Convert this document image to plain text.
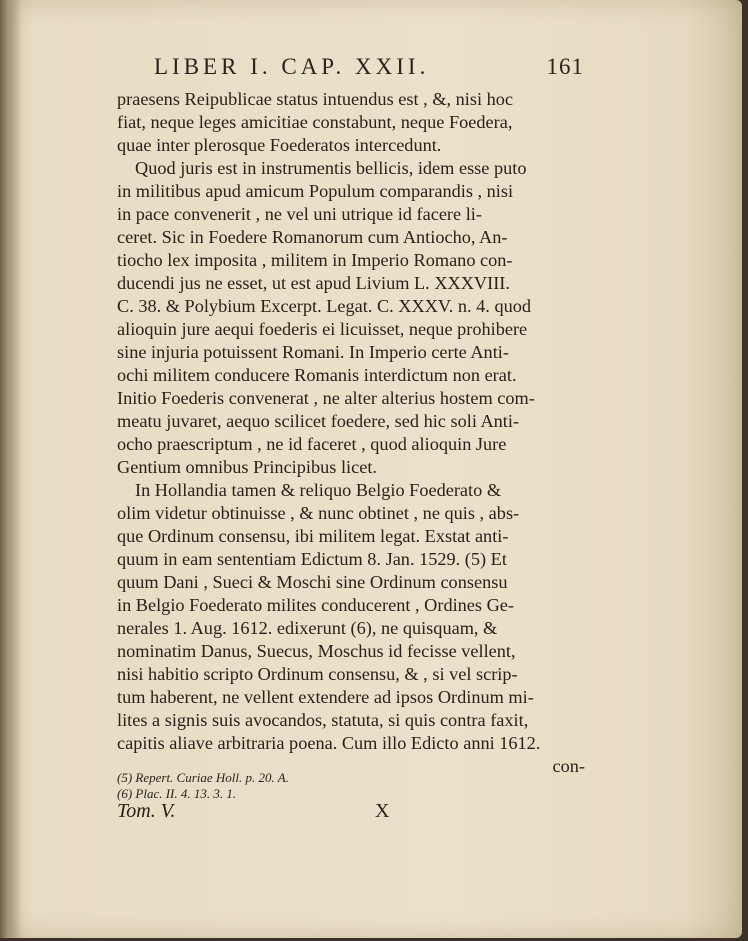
LIBER I. CAP. XXII.	161
praesens Reipublicae status intuendus est , &, nisi hoc
fiat, neque leges amicitiae constabunt, neque Foedera,
quae inter plerosque Foederatos intercedunt.
Quod juris est in instrumentis bellicis, idem esse puto
in militibus apud amicum Populum comparandis , nisi
in pace convenerit , ne vel uni utrique id facere li-
ceret. Sic in Foedere Romanorum cum Antiocho, An-
tiocho lex imposita , militem in Imperio Romano con-
ducendi jus ne esset, ut est apud Livium L. XXXVIII.
C. 38. & Polybium Excerpt. Legat. C. XXXV. n. 4. quod
alioquin jure aequi foederis ei licuisset, neque prohibere
sine injuria potuissent Romani. In Imperio certe Anti-
ochi militem conducere Romanis interdictum non erat.
Initio Foederis convenerat , ne alter alterius hostem com-
meatu juvaret, aequo scilicet foedere, sed hic soli Anti-
ocho praescriptum , ne id faceret , quod alioquin Jure
Gentium omnibus Principibus licet.
In Hollandia tamen & reliquo Belgio Foederato &
olim videtur obtinuisse , & nunc obtinet , ne quis , abs-
que Ordinum consensu, ibi militem legat. Exstat anti-
quum in eam sententiam Edictum 8. Jan. 1529. (5) Et
quum Dani , Sueci & Moschi sine Ordinum consensu
in Belgio Foederato milites conducerent , Ordines Ge-
nerales 1. Aug. 1612. edixerunt (6), ne quisquam, &
nominatim Danus, Suecus, Moschus id fecisse vellent,
nisi habitio scripto Ordinum consensu, & , si vel scrip-
tum haberent, ne vellent extendere ad ipsos Ordinum mi-
lites a signis suis avocandos, statuta, si quis contra faxit,
capitis aliave arbitraria poena. Cum illo Edicto anni 1612.
con-
(5) Repert. Curiae Holl. p. 20. A.
(6) Plac. II. 4. 13. 3. 1.
Tom. V.	X
